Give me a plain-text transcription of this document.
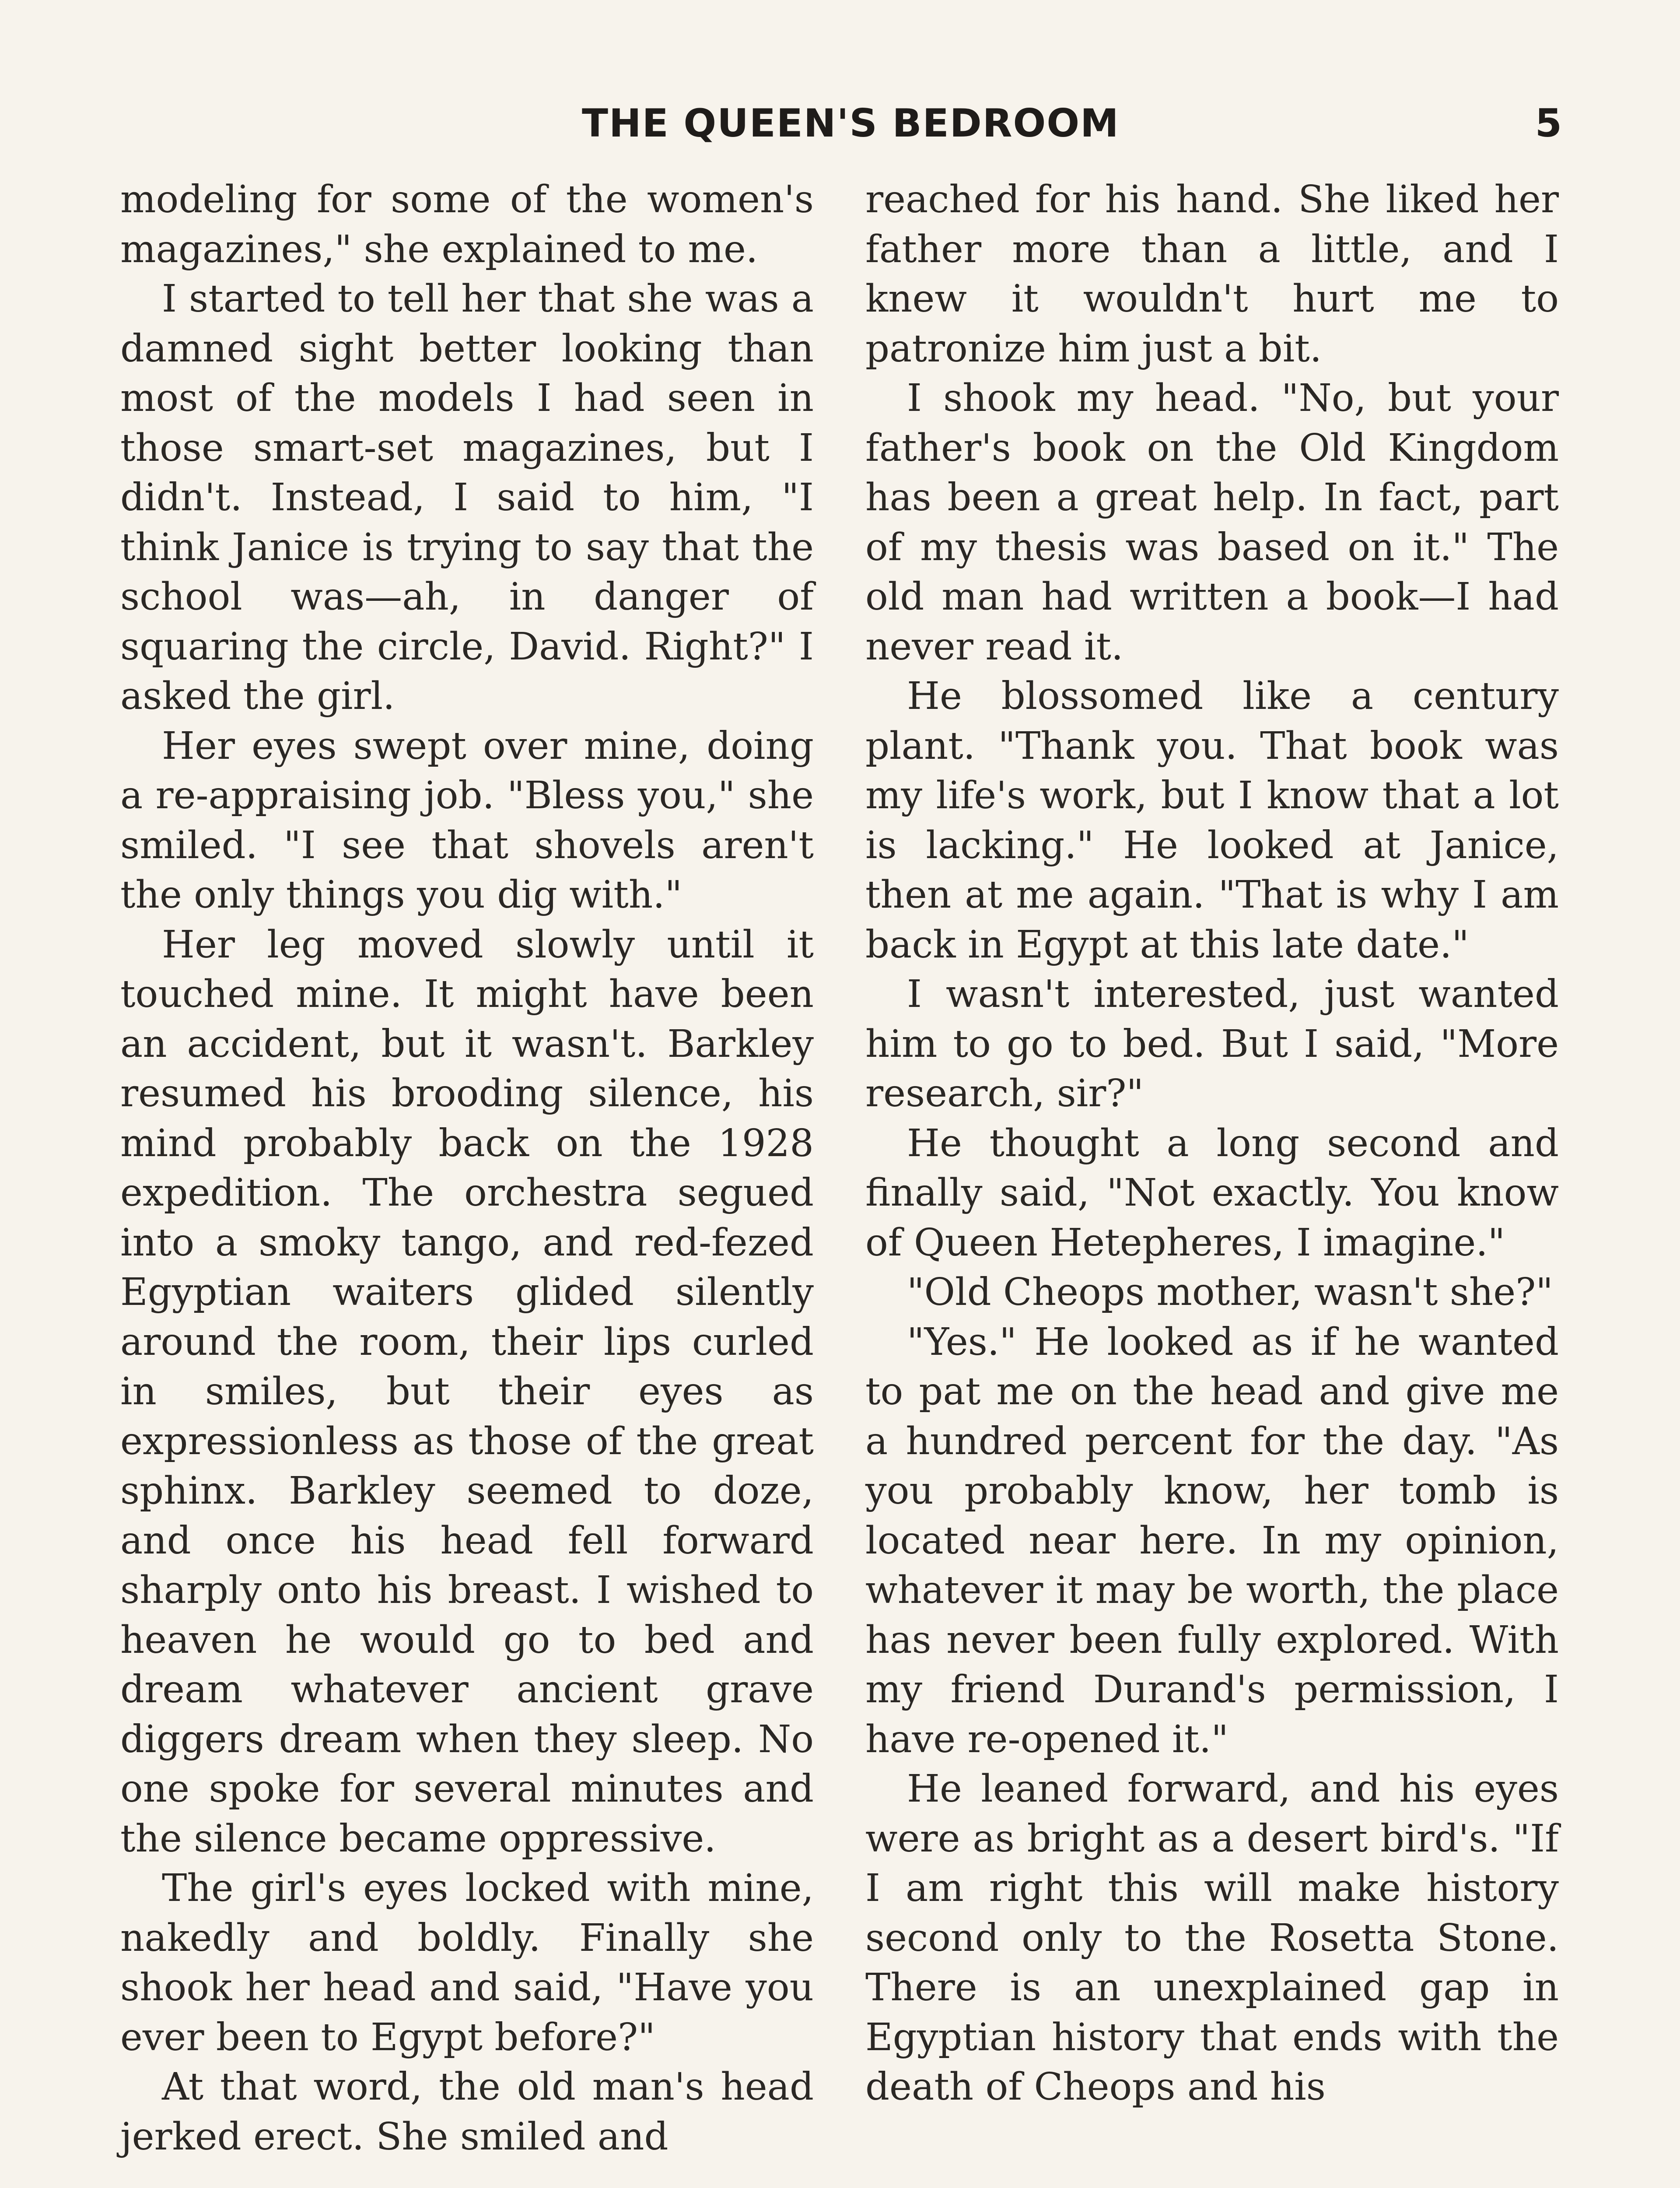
THE QUEEN'S BEDROOM	5

modeling for some of the women's magazines," she explained to me.

I started to tell her that she was a damned sight better looking than most of the models I had seen in those smart-set magazines, but I didn't. Instead, I said to him, "I think Janice is trying to say that the school was—ah, in danger of squaring the circle, David. Right?" I asked the girl.

Her eyes swept over mine, doing a re-appraising job. "Bless you," she smiled. "I see that shovels aren't the only things you dig with."

Her leg moved slowly until it touched mine. It might have been an accident, but it wasn't. Barkley resumed his brooding silence, his mind probably back on the 1928 expedition. The orchestra segued into a smoky tango, and red-fezed Egyptian waiters glided silently around the room, their lips curled in smiles, but their eyes as expressionless as those of the great sphinx. Barkley seemed to doze, and once his head fell forward sharply onto his breast. I wished to heaven he would go to bed and dream whatever ancient grave diggers dream when they sleep. No one spoke for several minutes and the silence became oppressive.

The girl's eyes locked with mine, nakedly and boldly. Finally she shook her head and said, "Have you ever been to Egypt before?"

At that word, the old man's head jerked erect. She smiled and

reached for his hand. She liked her father more than a little, and I knew it wouldn't hurt me to patronize him just a bit.

I shook my head. "No, but your father's book on the Old Kingdom has been a great help. In fact, part of my thesis was based on it." The old man had written a book—I had never read it.

He blossomed like a century plant. "Thank you. That book was my life's work, but I know that a lot is lacking." He looked at Janice, then at me again. "That is why I am back in Egypt at this late date."

I wasn't interested, just wanted him to go to bed. But I said, "More research, sir?"

He thought a long second and finally said, "Not exactly. You know of Queen Hetepheres, I imagine."

"Old Cheops mother, wasn't she?"

"Yes." He looked as if he wanted to pat me on the head and give me a hundred percent for the day. "As you probably know, her tomb is located near here. In my opinion, whatever it may be worth, the place has never been fully explored. With my friend Durand's permission, I have re-opened it."

He leaned forward, and his eyes were as bright as a desert bird's. "If I am right this will make history second only to the Rosetta Stone. There is an unexplained gap in Egyptian history that ends with the death of Cheops and his
